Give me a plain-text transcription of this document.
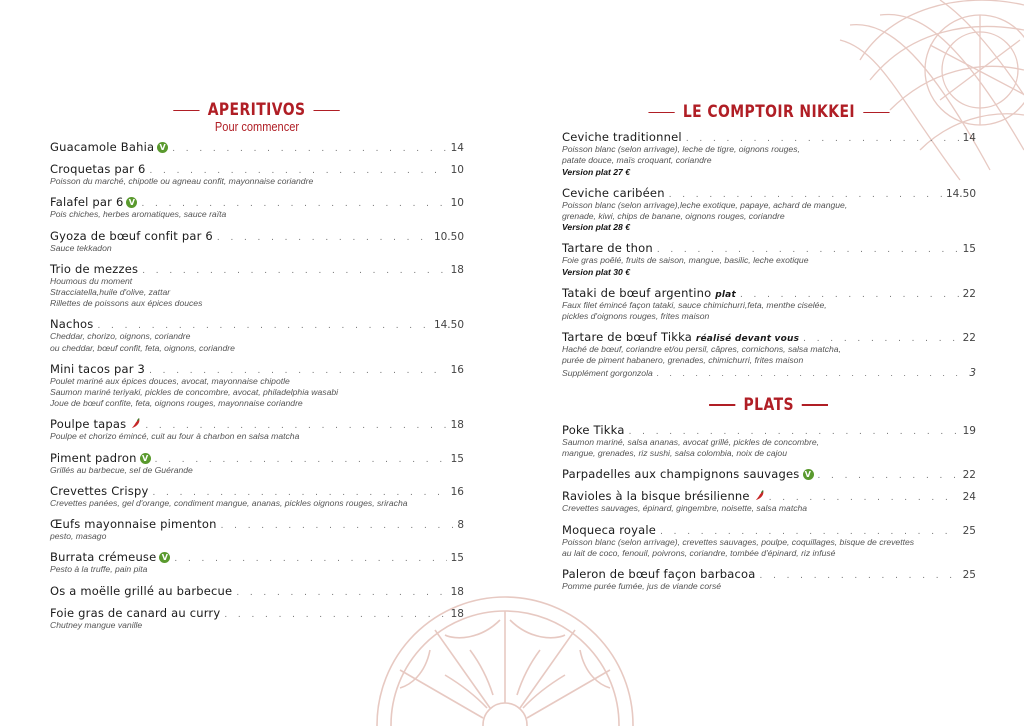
APERITIVOS
Pour commencer
Guacamole Bahia V . . .	14
Croquetas par 6 . . .	10
Poisson du marché, chipotle ou agneau confit, mayonnaise coriandre
Falafel par 6 V . . .	10
Pois chiches, herbes aromatiques, sauce raïta
Gyoza de bœuf confit par 6 . . .	10.50
Sauce tekkadon
Trio de mezzes . . .	18
Houmous du moment
Stracciatella,huile d'olive, zattar
Rillettes de poissons aux épices douces
Nachos . . .	14.50
Cheddar, chorizo, oignons, coriandre
ou cheddar, bœuf confit, feta, oignons, coriandre
Mini tacos par 3 . . .	16
Poulet mariné aux épices douces, avocat, mayonnaise chipotle
Saumon mariné teriyaki, pickles de concombre, avocat, philadelphia wasabi
Joue de bœuf confite, feta, oignons rouges, mayonnaise coriandre
Poulpe tapas . . .	18
Poulpe et chorizo émincé, cuit au four à charbon en salsa matcha
Piment padron V . . .	15
Grillés au barbecue, sel de Guérande
Crevettes Crispy . . .	16
Crevettes panées, gel d'orange, condiment mangue, ananas, pickles oignons rouges, sriracha
Œufs mayonnaise pimenton . . .	8
pesto, masago
Burrata crémeuse V . . .	15
Pesto à la truffe, pain pita
Os a moëlle grillé au barbecue . . .	18
Foie gras de canard au curry . . .	18
Chutney mangue vanille
LE COMPTOIR NIKKEI
Ceviche traditionnel . . .	14
Poisson blanc (selon arrivage), leche de tigre, oignons rouges,
patate douce, maïs croquant, coriandre
Version plat 27 €
Ceviche caribéen . . .	14.50
Poisson blanc (selon arrivage),leche exotique, papaye, achard de mangue,
grenade, kiwi, chips de banane, oignons rouges, coriandre
Version plat 28 €
Tartare de thon . . .	15
Foie gras poêlé, fruits de saison, mangue, basilic, leche exotique
Version plat 30 €
Tataki de bœuf argentino plat . . .	22
Faux filet émincé façon tataki, sauce chimichurri,feta, menthe ciselée,
pickles d'oignons rouges, frites maison
Tartare de bœuf Tikka réalisé devant vous . . .	22
Haché de bœuf, coriandre et/ou persil, câpres, cornichons, salsa matcha,
purée de piment habanero, grenades, chimichurri, frites maison
Supplément gorgonzola . . .	3
PLATS
Poke Tikka . . .	19
Saumon mariné, salsa ananas, avocat grillé, pickles de concombre,
mangue, grenades, riz sushi, salsa colombia, noix de cajou
Parpadelles aux champignons sauvages V . . .	22
Ravioles à la bisque brésilienne . . .	24
Crevettes sauvages, épinard, gingembre, noisette, salsa matcha
Moqueca royale . . .	25
Poisson blanc (selon arrivage), crevettes sauvages, poulpe, coquillages, bisque de crevettes
au lait de coco, fenouil, poivrons, coriandre, tombée d'épinard, riz infusé
Paleron de bœuf façon barbacoa . . .	25
Pomme purée fumée, jus de viande corsé
